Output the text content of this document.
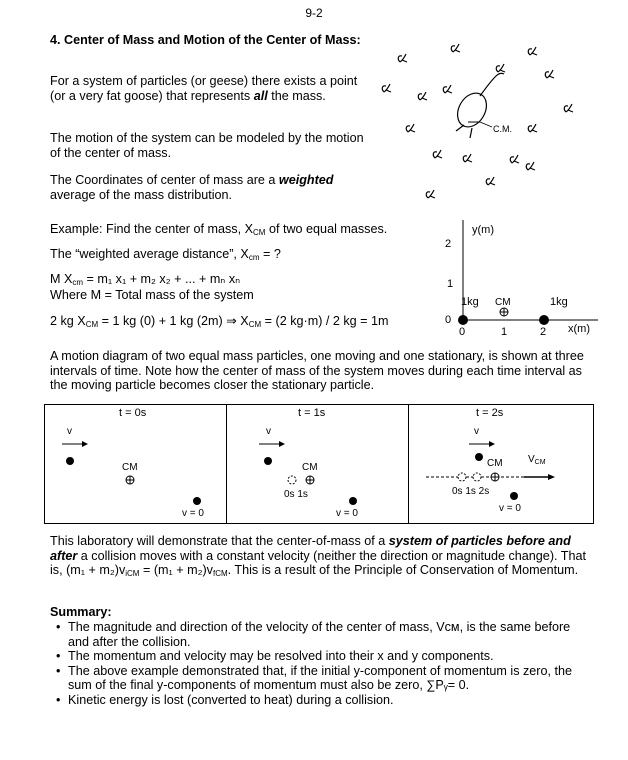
9-2
4. Center of Mass and Motion of the Center of Mass:
For a system of particles (or geese) there exists a point (or a very fat goose) that represents all the mass.
The motion of the system can be modeled by the motion of the center of mass.
The Coordinates of center of mass are a weighted average of the mass distribution.
C.M.
Example: Find the center of mass, $X_{CM}$ of two equal masses.
The “weighted average distance”, $X_{cm}$ = ?
M $X_{cm} = m_1$ x₁ + m₂ x₂ + ... + mₙ xₙ
Where M = Total mass of the system
2 kg $X_{CM} = 1$ kg (0) + 1 kg (2m) ⇒ $X_{CM} = (2$ kg·m) / 2 kg = 1m
y(m)
x(m)
2
1
0
0	1	2
1kg CM	1kg
A motion diagram of two equal mass particles, one moving and one stationary, is shown at three intervals of time. Note how the center of mass of the system moves during each time interval as the moving particle becomes closer the stationary particle.
t = 0s
v
CM
v = 0
t = 1s
v
CM
0s 1s
v = 0
t = 2s
v
CM	$V_{CM}$
0s 1s 2s
v = 0
This laboratory will demonstrate that the center-of-mass of a system of particles before and after a collision moves with a constant velocity (neither the direction or magnitude change). That is, $(m_1 + m_2)v_{iCM} = (m_1 + m_2)v_{fCM}$. This is a result of the Principle of Conservation of Momentum.
Summary:
• The magnitude and direction of the velocity of the center of mass, Vᴄᴍ, is the same before and after the collision.
• The momentum and velocity may be resolved into their x and y components.
• The above example demonstrated that, if the initial y-component of momentum is zero, the sum of the final y-components of momentum must also be zero, ∑Pᵧ= 0.
• Kinetic energy is lost (converted to heat) during a collision.
